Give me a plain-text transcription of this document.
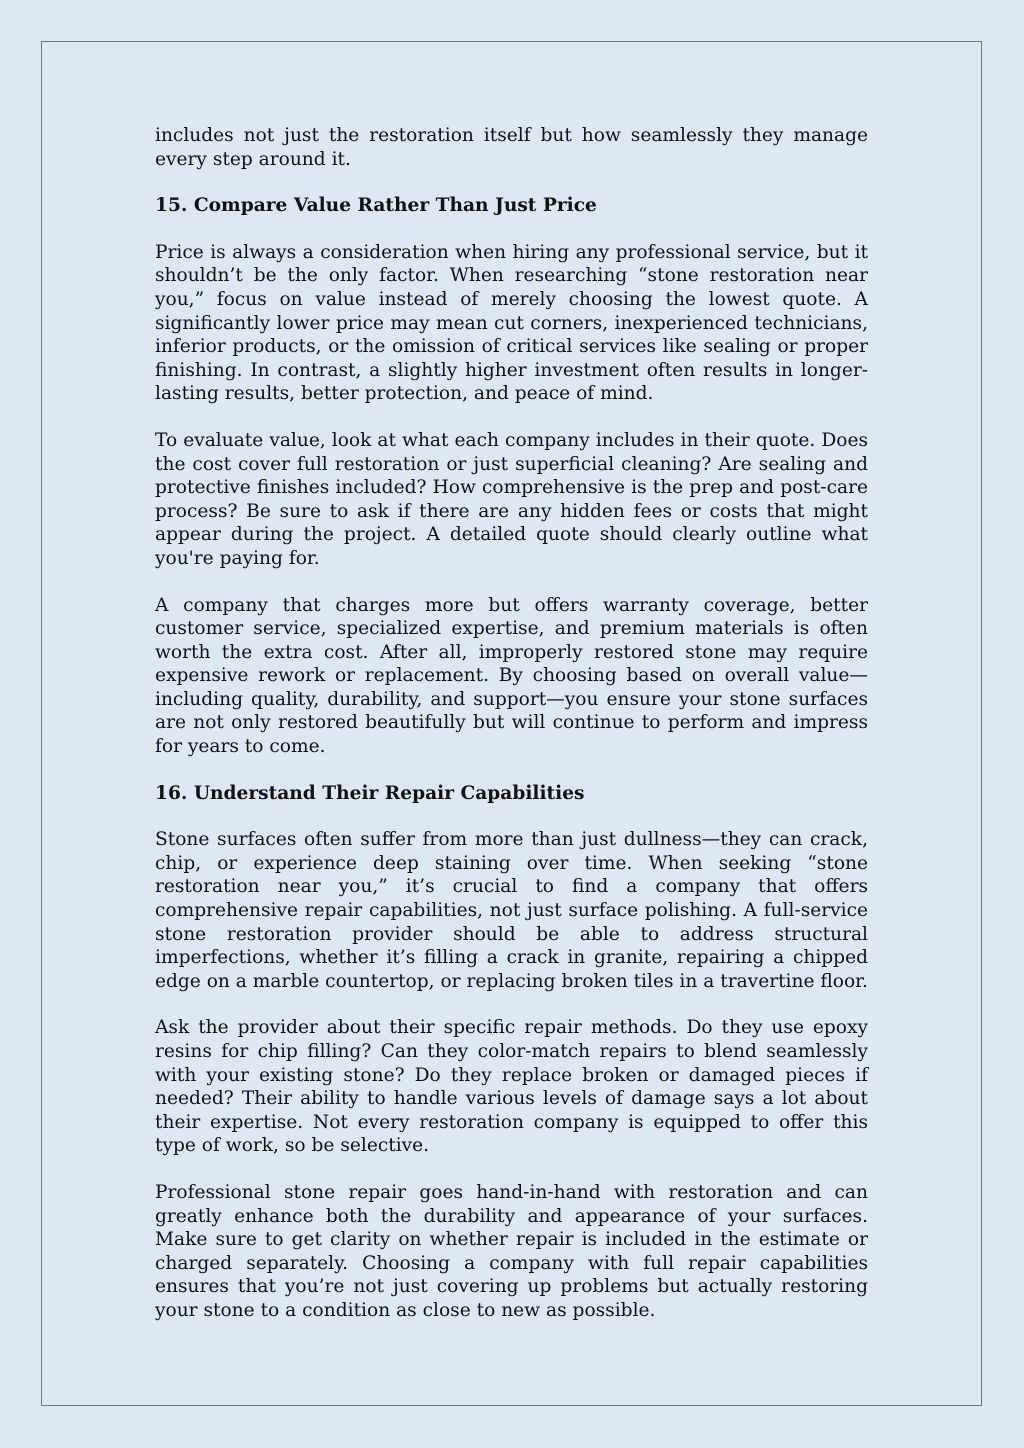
includes not just the restoration itself but how seamlessly they manage every step around it.

15. Compare Value Rather Than Just Price

Price is always a consideration when hiring any professional service, but it shouldn’t be the only factor. When researching “stone restoration near you,” focus on value instead of merely choosing the lowest quote. A significantly lower price may mean cut corners, inexperienced technicians, inferior products, or the omission of critical services like sealing or proper finishing. In contrast, a slightly higher investment often results in longer-lasting results, better protection, and peace of mind.

To evaluate value, look at what each company includes in their quote. Does the cost cover full restoration or just superficial cleaning? Are sealing and protective finishes included? How comprehensive is the prep and post-care process? Be sure to ask if there are any hidden fees or costs that might appear during the project. A detailed quote should clearly outline what you're paying for.

A company that charges more but offers warranty coverage, better customer service, specialized expertise, and premium materials is often worth the extra cost. After all, improperly restored stone may require expensive rework or replacement. By choosing based on overall value—including quality, durability, and support—you ensure your stone surfaces are not only restored beautifully but will continue to perform and impress for years to come.

16. Understand Their Repair Capabilities

Stone surfaces often suffer from more than just dullness—they can crack, chip, or experience deep staining over time. When seeking “stone restoration near you,” it’s crucial to find a company that offers comprehensive repair capabilities, not just surface polishing. A full-service stone restoration provider should be able to address structural imperfections, whether it’s filling a crack in granite, repairing a chipped edge on a marble countertop, or replacing broken tiles in a travertine floor.

Ask the provider about their specific repair methods. Do they use epoxy resins for chip filling? Can they color-match repairs to blend seamlessly with your existing stone? Do they replace broken or damaged pieces if needed? Their ability to handle various levels of damage says a lot about their expertise. Not every restoration company is equipped to offer this type of work, so be selective.

Professional stone repair goes hand-in-hand with restoration and can greatly enhance both the durability and appearance of your surfaces. Make sure to get clarity on whether repair is included in the estimate or charged separately. Choosing a company with full repair capabilities ensures that you’re not just covering up problems but actually restoring your stone to a condition as close to new as possible.
